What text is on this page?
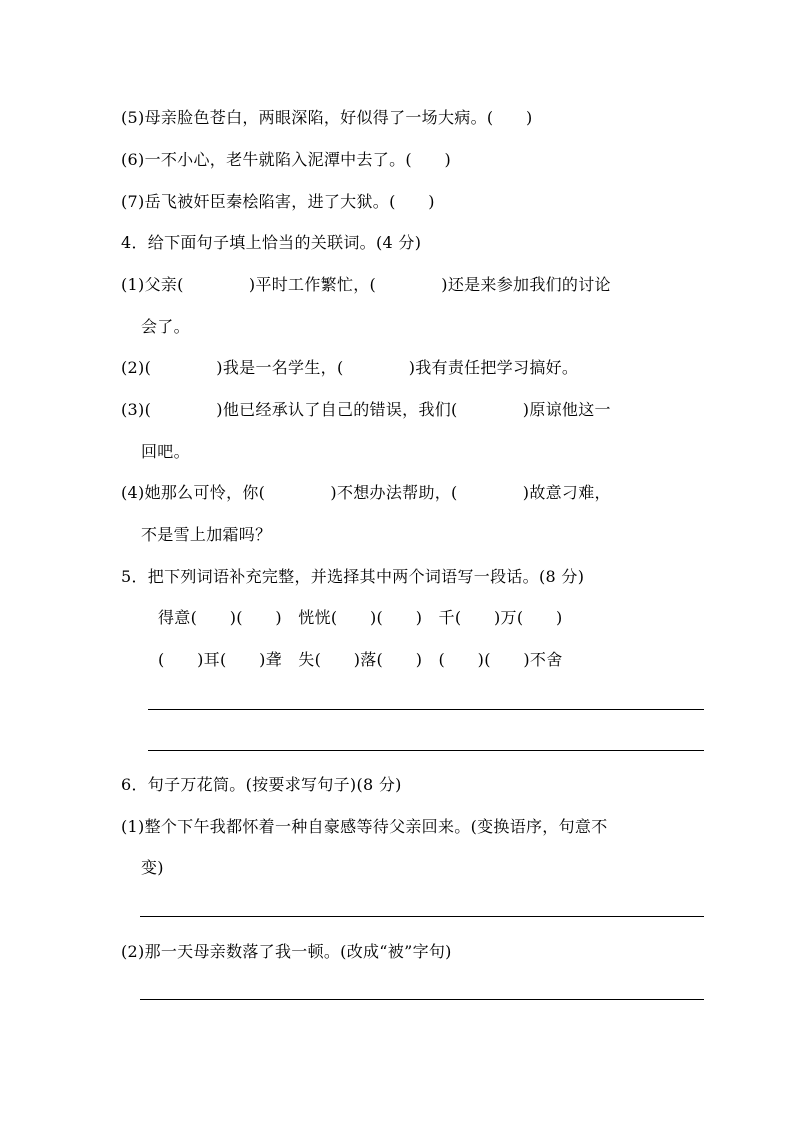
(5)母亲脸色苍白，两眼深陷，好似得了一场大病。(　　)
(6)一不小心，老牛就陷入泥潭中去了。(　　)
(7)岳飞被奸臣秦桧陷害，进了大狱。(　　)
4．给下面句子填上恰当的关联词。(4 分)
(1)父亲(　　　　)平时工作繁忙，(　　　　)还是来参加我们的讨论
会了。
(2)(　　　　)我是一名学生，(　　　　)我有责任把学习搞好。
(3)(　　　　)他已经承认了自己的错误，我们(　　　　)原谅他这一
回吧。
(4)她那么可怜，你(　　　　)不想办法帮助，(　　　　)故意刁难，
不是雪上加霜吗？
5．把下列词语补充完整，并选择其中两个词语写一段话。(8 分)
得意(　　)(　　)　恍恍(　　)(　　)　千(　　)万(　　)
(　　)耳(　　)聋　失(　　)落(　　)　(　　)(　　)不舍
6．句子万花筒。(按要求写句子)(8 分)
(1)整个下午我都怀着一种自豪感等待父亲回来。(变换语序，句意不
变)
(2)那一天母亲数落了我一顿。(改成“被”字句)
